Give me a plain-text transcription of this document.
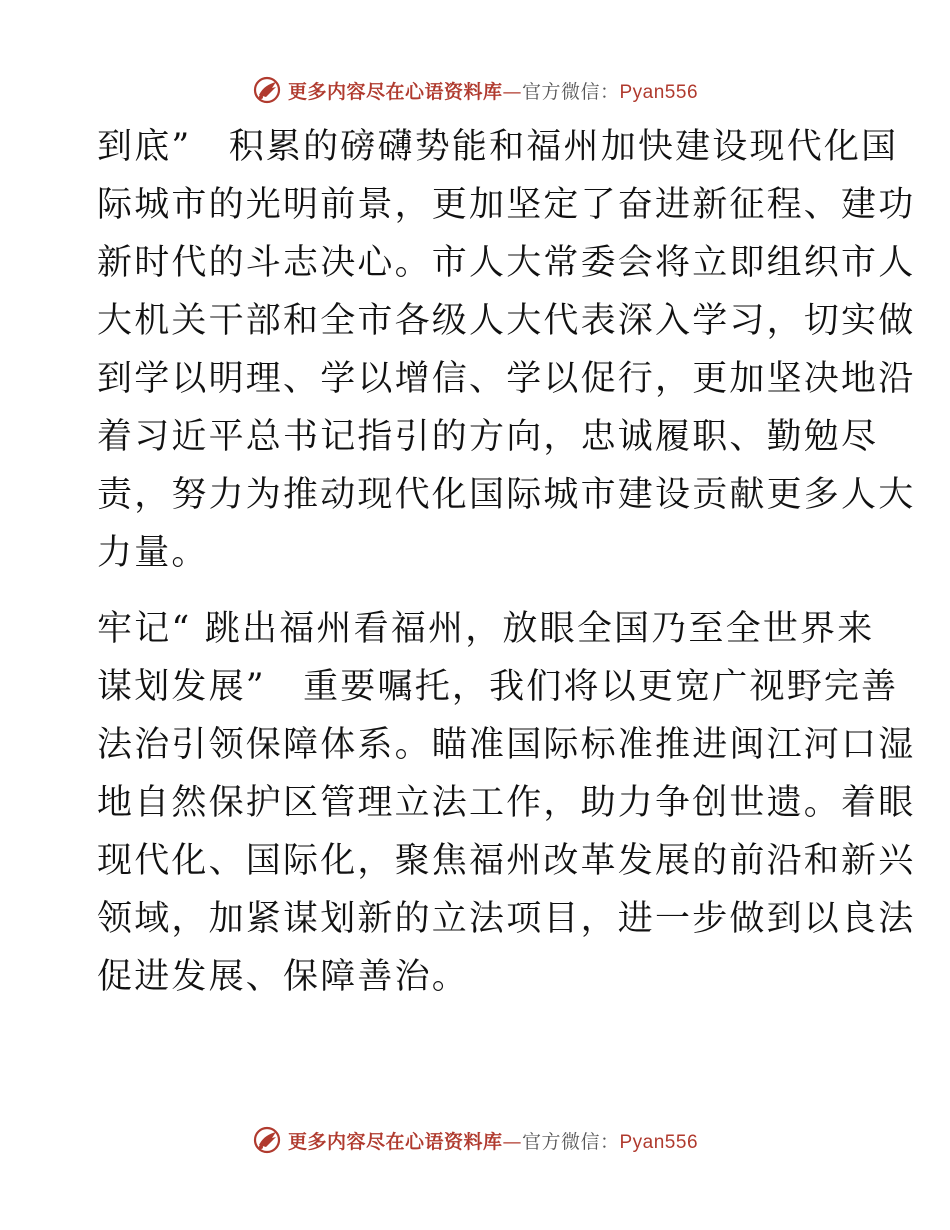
更多内容尽在心语资料库—官方微信：Pyan556
到底”　积累的磅礴势能和福州加快建设现代化国
际城市的光明前景，更加坚定了奋进新征程、建功
新时代的斗志决心。市人大常委会将立即组织市人
大机关干部和全市各级人大代表深入学习，切实做
到学以明理、学以增信、学以促行，更加坚决地沿
着习近平总书记指引的方向，忠诚履职、勤勉尽
责，努力为推动现代化国际城市建设贡献更多人大
力量。
牢记“ 跳出福州看福州，放眼全国乃至全世界来
谋划发展”　重要嘱托，我们将以更宽广视野完善
法治引领保障体系。瞄准国际标准推进闽江河口湿
地自然保护区管理立法工作，助力争创世遗。着眼
现代化、国际化，聚焦福州改革发展的前沿和新兴
领域，加紧谋划新的立法项目，进一步做到以良法
促进发展、保障善治。
更多内容尽在心语资料库—官方微信：Pyan556
